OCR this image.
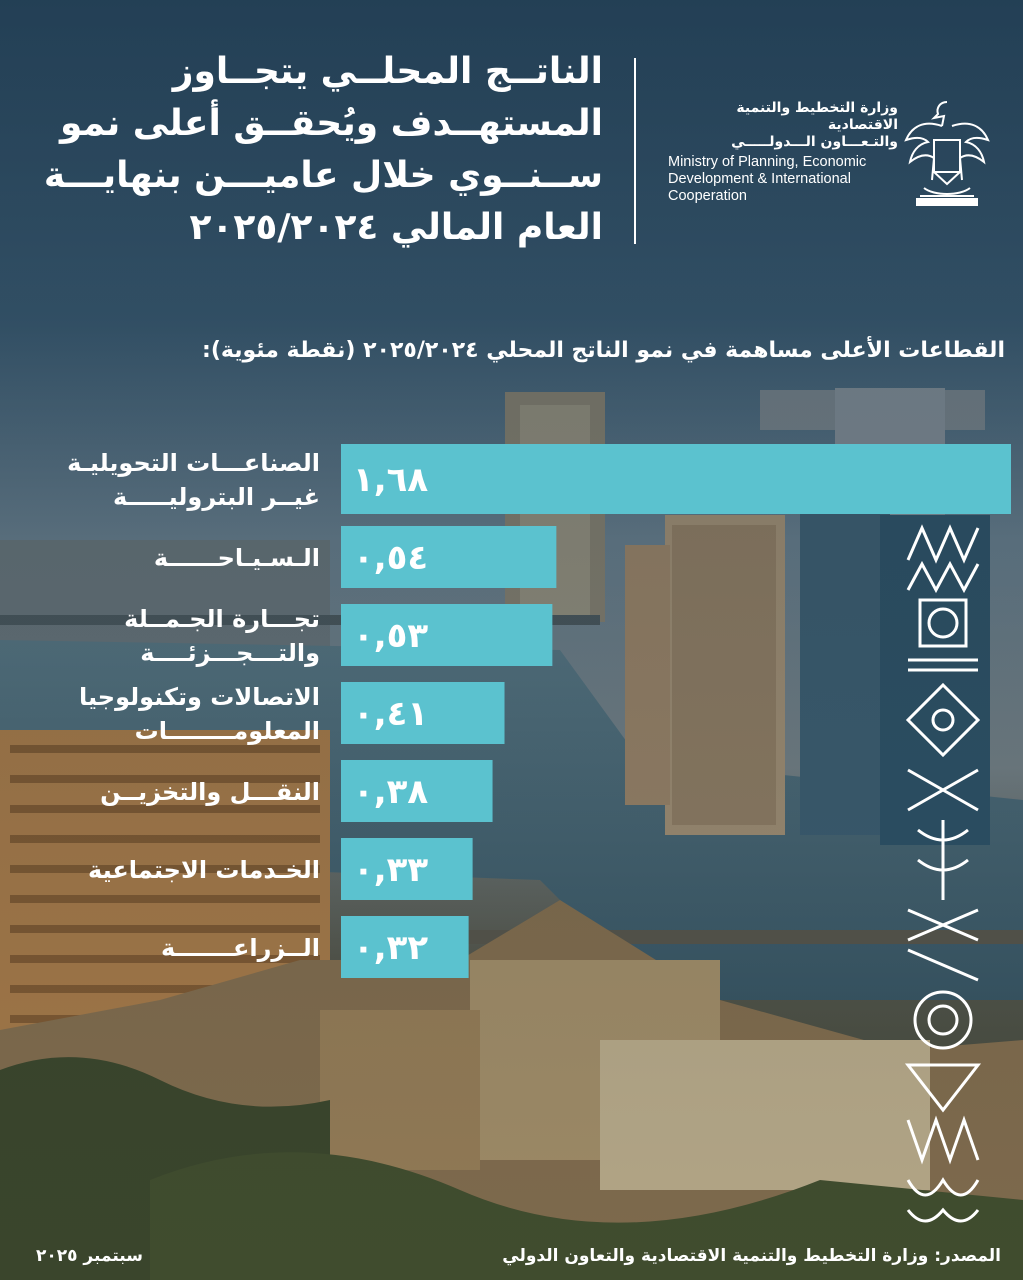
الناتــج المحلــي يتجــاوز
المستهــدف ويُحقــق أعلى نمو
ســنــوي خلال عاميـــن بنهايـــة
العام المالي ٢٠٢٥/٢٠٢٤
وزارة التخطيط والتنمية الاقتصادية
والتـعـــاون الـــدولـــــي
Ministry of Planning, Economic
Development & International
Cooperation
القطاعات الأعلى مساهمة في نمو الناتج المحلي ٢٠٢٥/٢٠٢٤ (نقطة مئوية):
١,٦٨
الصناعـــات التحويليـة
غيــر البتروليـــــة
٠,٥٤
الـسـيـاحــــــة
٠,٥٣
تجـــارة الجـمــلة
والتـــجـــزئــــة
٠,٤١
الاتصالات وتكنولوجيا
المعلومــــــــات
٠,٣٨
النقـــل والتخزيــن
٠,٣٣
الخـدمات الاجتماعية
٠,٣٢
الــزراعـــــــة
المصدر: وزارة التخطيط والتنمية الاقتصادية والتعاون الدولي
سبتمبر ٢٠٢٥
